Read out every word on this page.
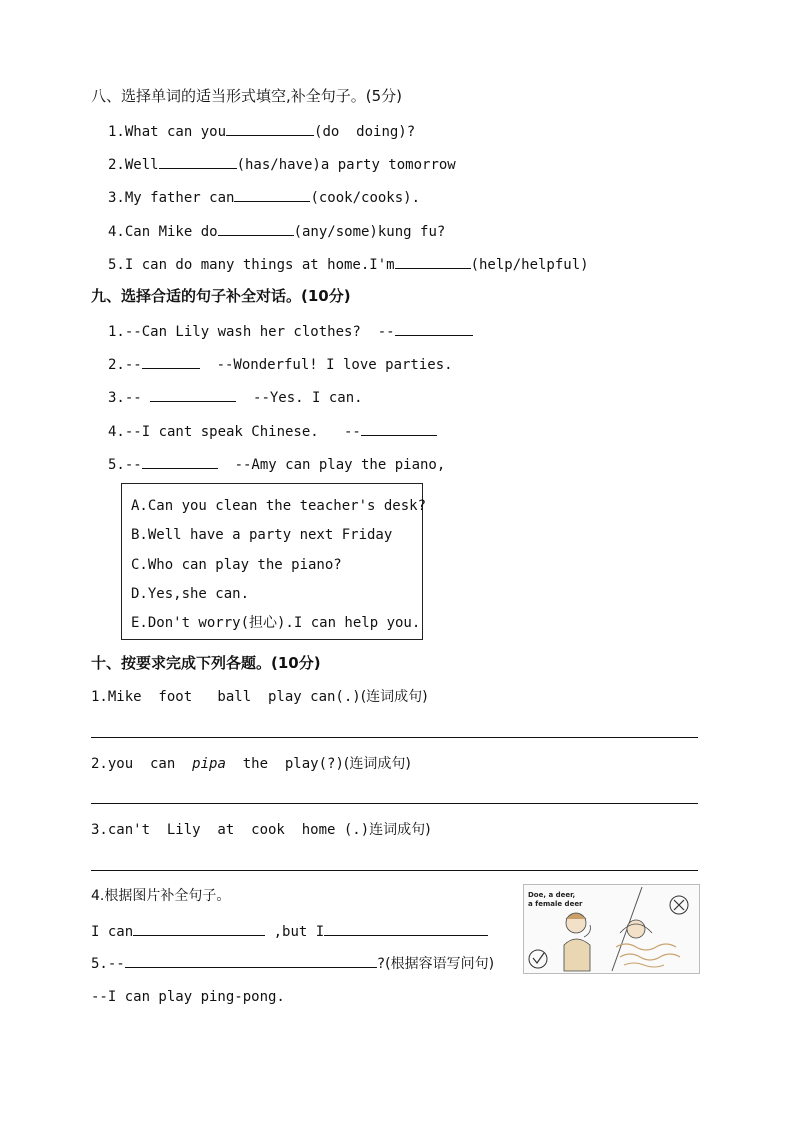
八、选择单词的适当形式填空,补全句子。(5分)
1.What can you	(do  doing)?
2.Well	(has/have)a party tomorrow
3.My father can	(cook/cooks).
4.Can Mike do	(any/some)kung fu?
5.I can do many things at home.I'm	(help/helpful)
九、选择合适的句子补全对话。(10分)
1.--Can Lily wash her clothes?  --
2.--	--Wonderful! I love parties.
3.--	--Yes. I can.
4.--I cant speak Chinese.   --
5.--	--Amy can play the piano,
A.Can you clean the teacher's desk?
B.Well have a party next Friday
C.Who can play the piano?
D.Yes,she can.
E.Don't worry(担心).I can help you.
十、按要求完成下列各题。(10分)
1.Mike  foot   ball  play can(.)(连词成句)
2.you  can  pipa  the  play(?)(连词成句)
3.can't  Lily  at  cook  home (.)连词成句)
4.根据图片补全句子。
I can	,but I
5.--	?(根据容语写问句)
--I can play ping-pong.
Doe, a deer,
a female deer
